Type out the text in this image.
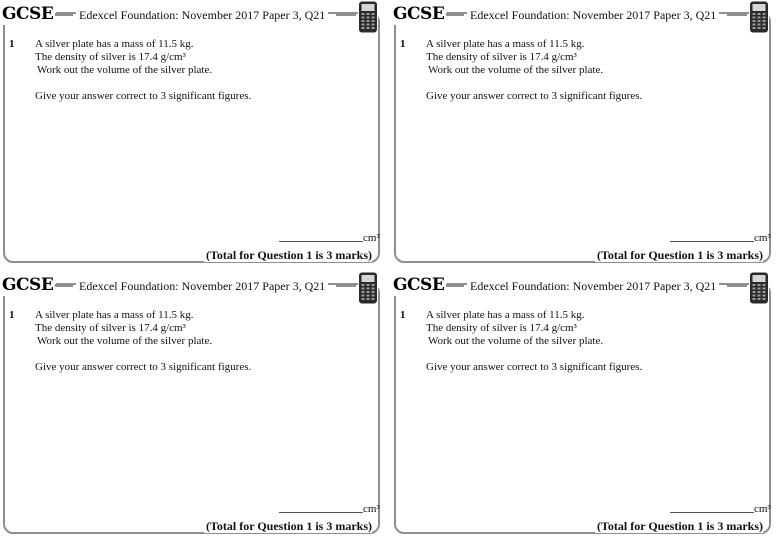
GCSE Edexcel Foundation: November 2017 Paper 3, Q21
1 A silver plate has a mass of 11.5 kg.
The density of silver is 17.4 g/cm³
Work out the volume of the silver plate.
Give your answer correct to 3 significant figures.
cm³
(Total for Question 1 is 3 marks)
GCSE Edexcel Foundation: November 2017 Paper 3, Q21
1 A silver plate has a mass of 11.5 kg.
The density of silver is 17.4 g/cm³
Work out the volume of the silver plate.
Give your answer correct to 3 significant figures.
cm³
(Total for Question 1 is 3 marks)
GCSE Edexcel Foundation: November 2017 Paper 3, Q21
1 A silver plate has a mass of 11.5 kg.
The density of silver is 17.4 g/cm³
Work out the volume of the silver plate.
Give your answer correct to 3 significant figures.
cm³
(Total for Question 1 is 3 marks)
GCSE Edexcel Foundation: November 2017 Paper 3, Q21
1 A silver plate has a mass of 11.5 kg.
The density of silver is 17.4 g/cm³
Work out the volume of the silver plate.
Give your answer correct to 3 significant figures.
cm³
(Total for Question 1 is 3 marks)
